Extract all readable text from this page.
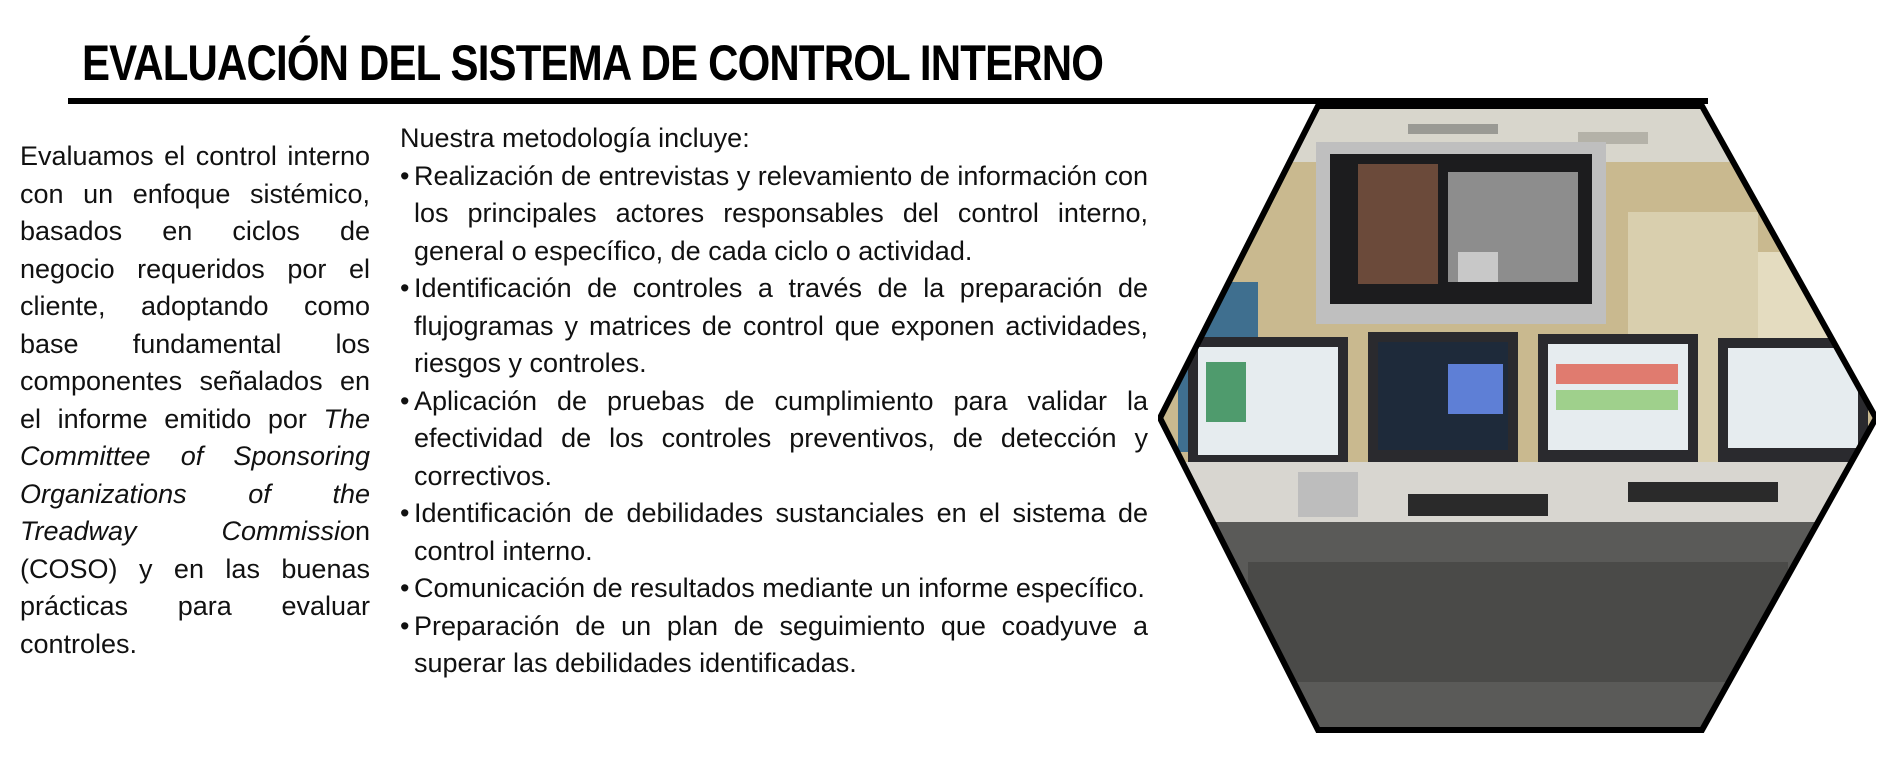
EVALUACIÓN DEL SISTEMA DE CONTROL INTERNO
Evaluamos el control interno con un enfoque sistémico, basados en ciclos de negocio requeridos por el cliente, adoptando como base fundamental los componentes señalados en el informe emitido por The Committee of Sponsoring Organizations of the Treadway Commission (COSO) y en las buenas prácticas para evaluar controles.

Nuestra metodología incluye:

• Realización de entrevistas y relevamiento de información con los principales actores responsables del control interno, general o específico, de cada ciclo o actividad.
• Identificación de controles a través de la preparación de flujogramas y matrices de control que exponen actividades, riesgos y controles.
• Aplicación de pruebas de cumplimiento para validar la efectividad de los controles preventivos, de detección y correctivos.
• Identificación de debilidades sustanciales en el sistema de control interno.
• Comunicación de resultados mediante un informe específico.
• Preparación de un plan de seguimiento que coadyuve a superar las debilidades identificadas.
